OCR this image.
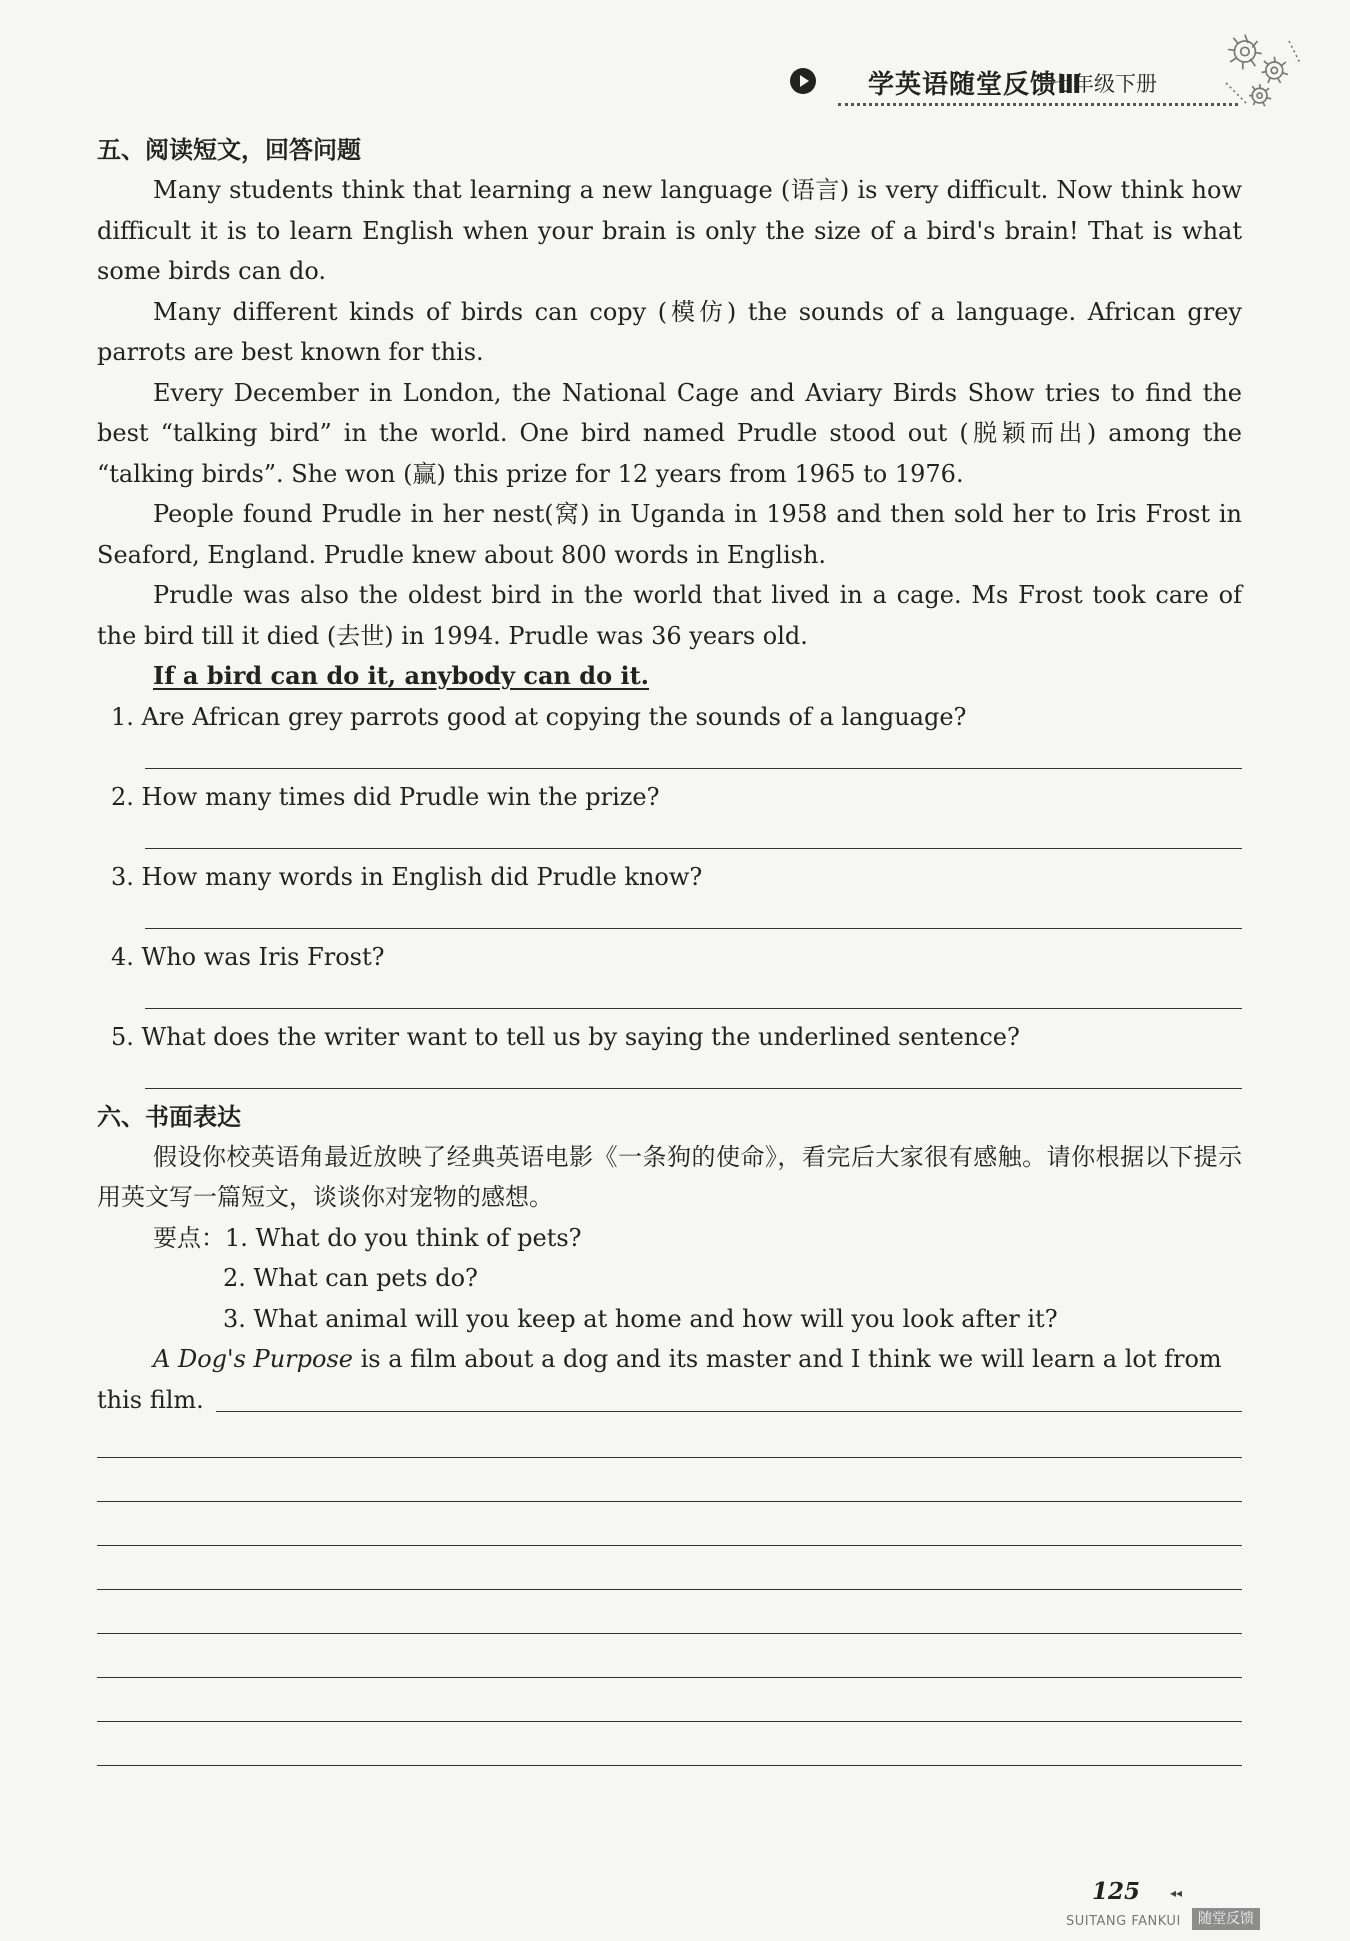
学英语随堂反馈Ⅲ
七年级下册
五、阅读短文，回答问题

Many students think that learning a new language (语言) is very difficult. Now think how difficult it is to learn English when your brain is only the size of a bird's brain! That is what some birds can do.

Many different kinds of birds can copy (模仿) the sounds of a language. African grey parrots are best known for this.

Every December in London, the National Cage and Aviary Birds Show tries to find the best “talking bird” in the world. One bird named Prudle stood out (脱颖而出) among the “talking birds”. She won (赢) this prize for 12 years from 1965 to 1976.

People found Prudle in her nest(窝) in Uganda in 1958 and then sold her to Iris Frost in Seaford, England. Prudle knew about 800 words in English.

Prudle was also the oldest bird in the world that lived in a cage. Ms Frost took care of the bird till it died (去世) in 1994. Prudle was 36 years old.

If a bird can do it, anybody can do it.
1. Are African grey parrots good at copying the sounds of a language?
2. How many times did Prudle win the prize?
3. How many words in English did Prudle know?
4. Who was Iris Frost?
5. What does the writer want to tell us by saying the underlined sentence?
六、书面表达

假设你校英语角最近放映了经典英语电影《一条狗的使命》，看完后大家很有感触。请你根据以下提示用英文写一篇短文，谈谈你对宠物的感想。

要点：1. What do you think of pets?
2. What can pets do?
3. What animal will you keep at home and how will you look after it?

A Dog's Purpose is a film about a dog and its master and I think we will learn a lot from

this film.
125 ◂◂
SUITANG FANKUI	随堂反馈
